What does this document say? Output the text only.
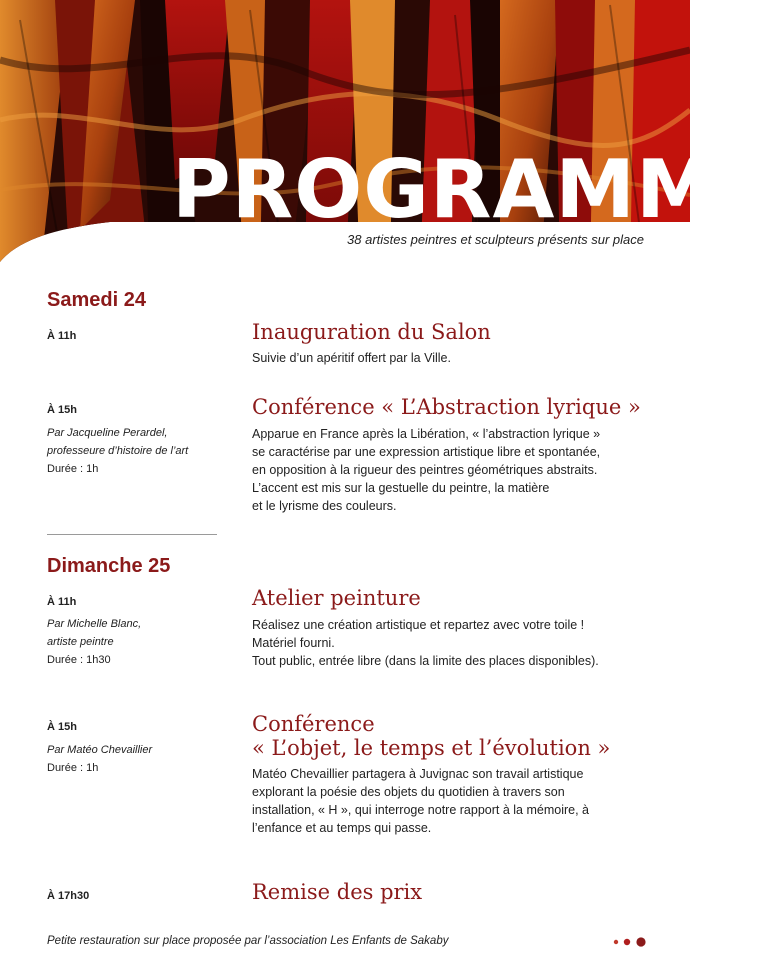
PROGRAMME
38 artistes peintres et sculpteurs présents sur place
Samedi 24
À 11h	Inauguration du Salon
Suivie d’un apéritif offert par la Ville.
À 15h
Par Jacqueline Perardel,
professeure d’histoire de l’art
Durée : 1h
Conférence « L’Abstraction lyrique »
Apparue en France après la Libération, « l’abstraction lyrique »
se caractérise par une expression artistique libre et spontanée,
en opposition à la rigueur des peintres géométriques abstraits.
L’accent est mis sur la gestuelle du peintre, la matière
et le lyrisme des couleurs.
Dimanche 25
À 11h
Par Michelle Blanc,
artiste peintre
Durée : 1h30
Atelier peinture
Réalisez une création artistique et repartez avec votre toile !
Matériel fourni.
Tout public, entrée libre (dans la limite des places disponibles).
À 15h
Par Matéo Chevaillier
Durée : 1h
Conférence
« L’objet, le temps et l’évolution »
Matéo Chevaillier partagera à Juvignac son travail artistique
explorant la poésie des objets du quotidien à travers son
installation, « H », qui interroge notre rapport à la mémoire, à
l’enfance et au temps qui passe.
À 17h30	Remise des prix
Petite restauration sur place proposée par l’association Les Enfants de Sakaby
